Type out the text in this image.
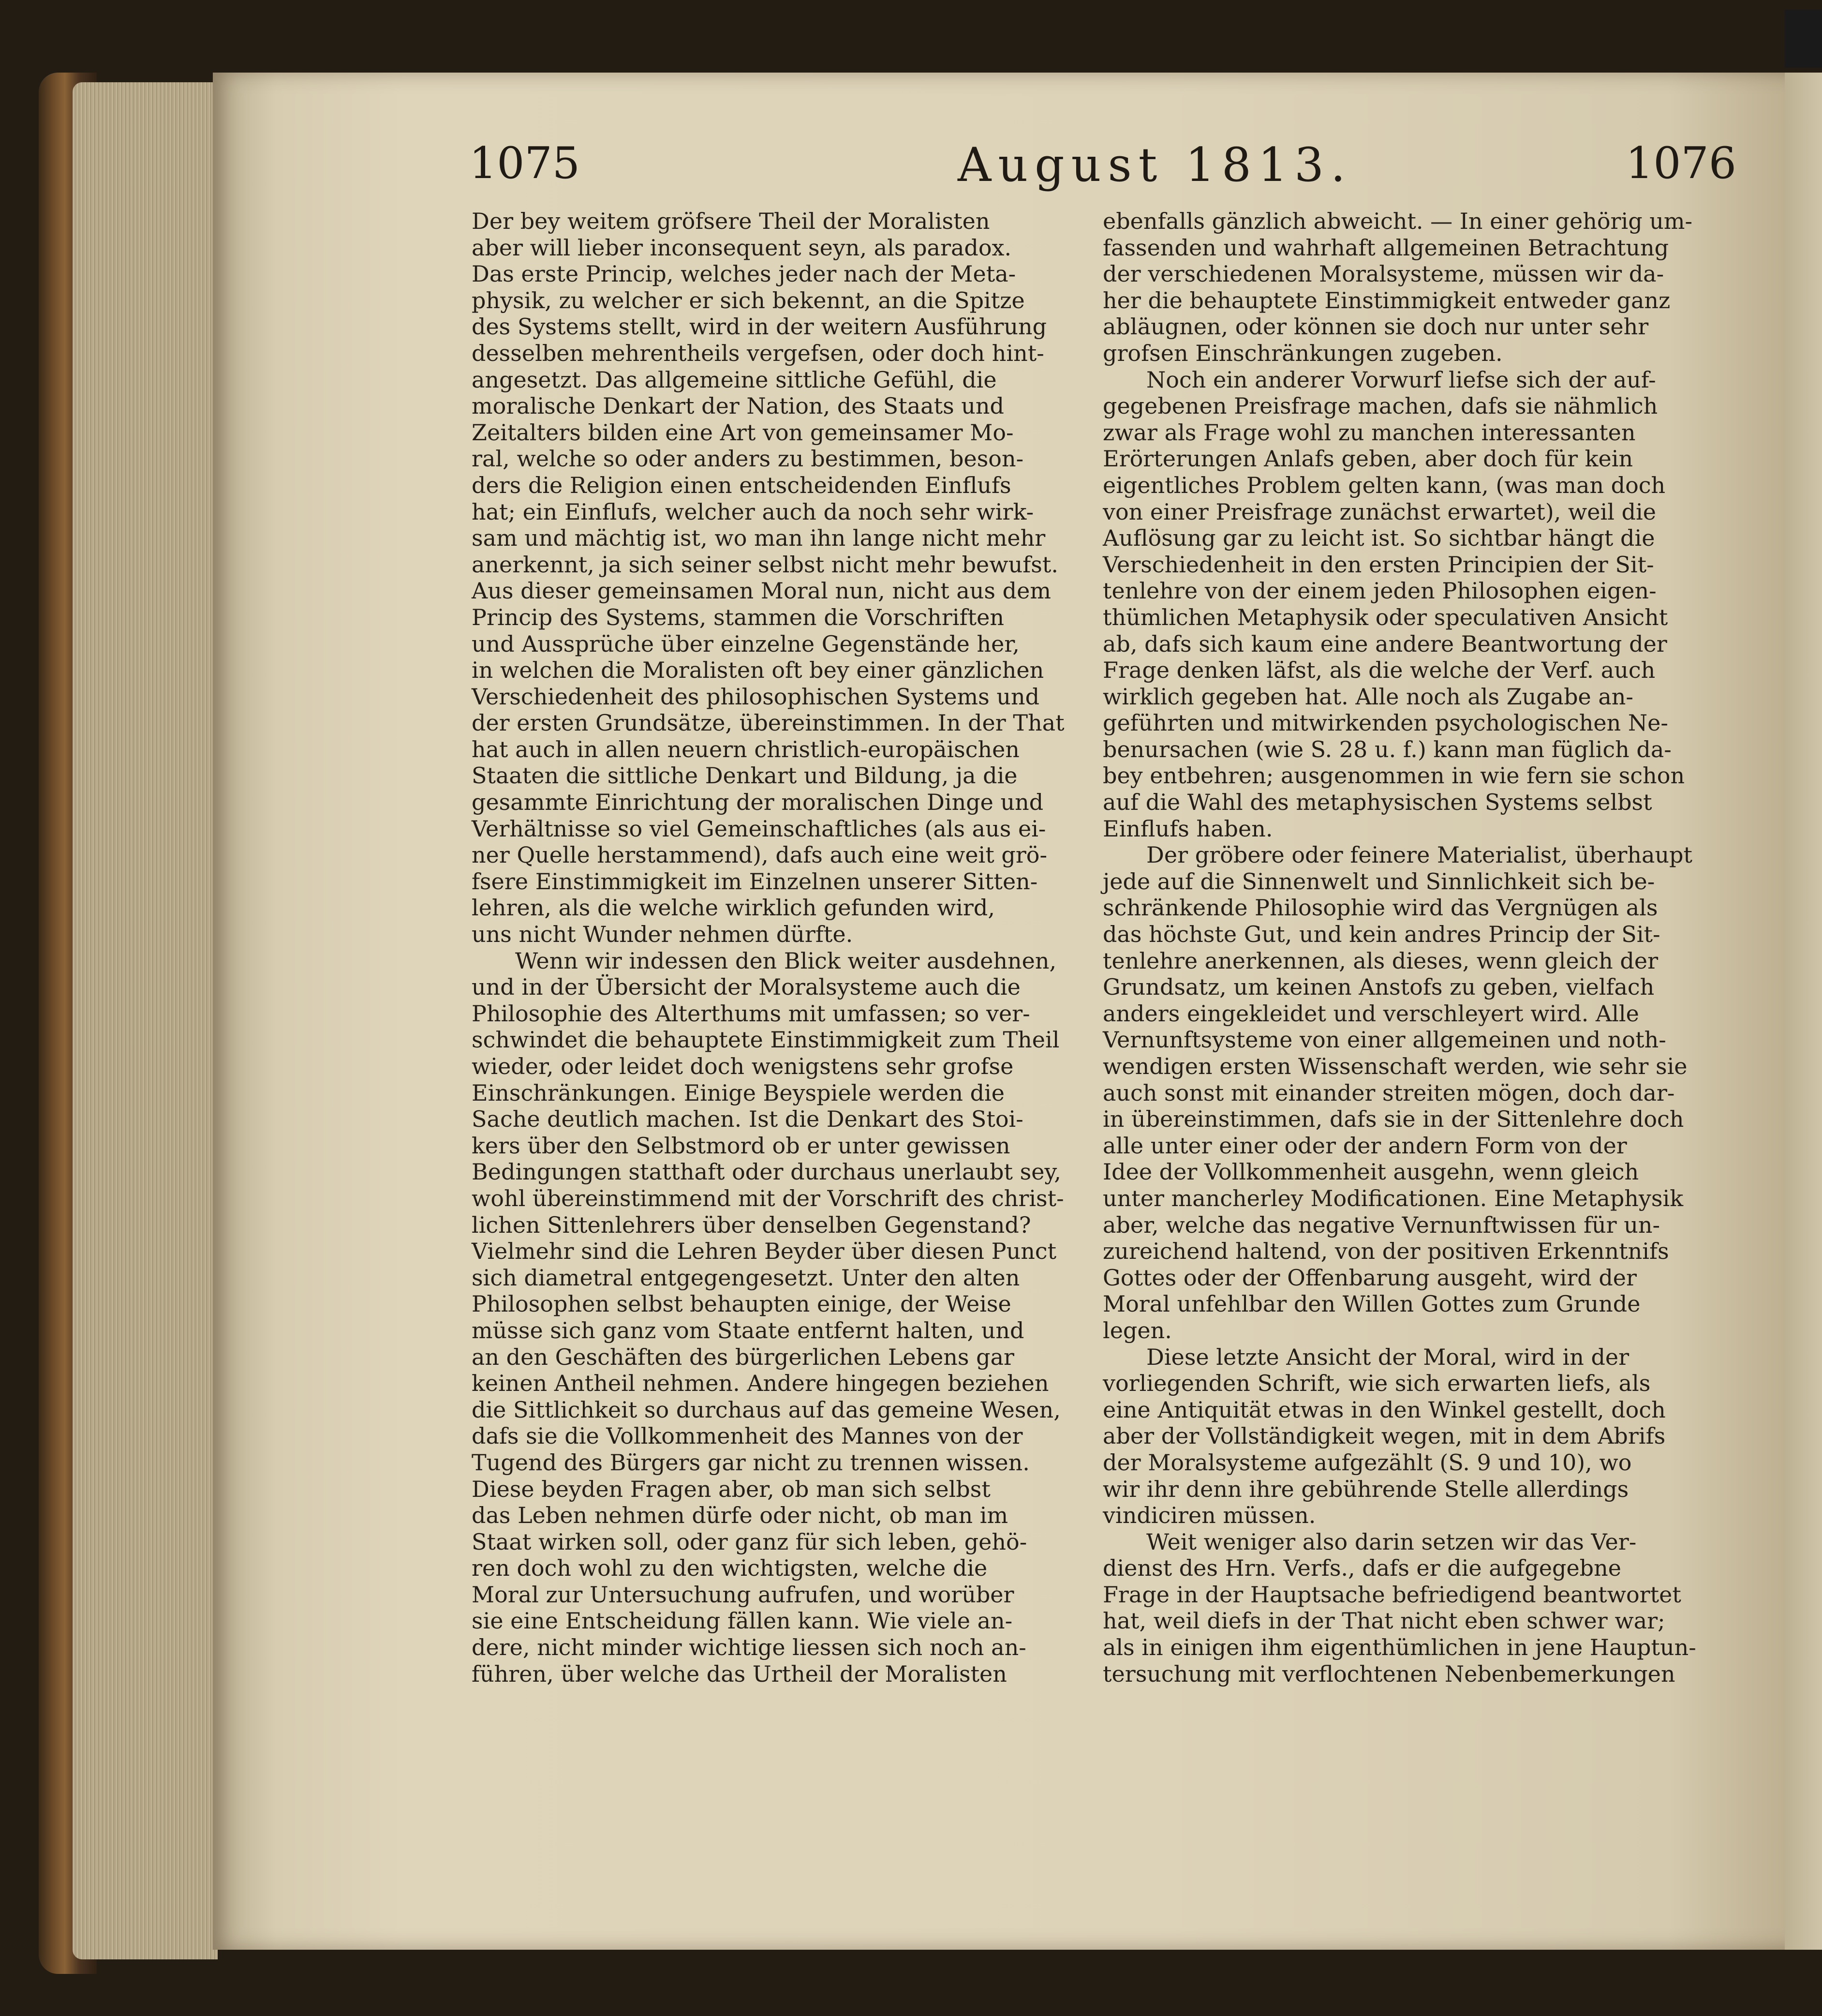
1075	August 1813.	1076
Der bey weitem gröfsere Theil der Moralisten
aber will lieber inconsequent seyn, als paradox.
Das erste Princip, welches jeder nach der Meta-
physik, zu welcher er sich bekennt, an die Spitze
des Systems stellt, wird in der weitern Ausführung
desselben mehrentheils vergefsen, oder doch hint-
angesetzt. Das allgemeine sittliche Gefühl, die
moralische Denkart der Nation, des Staats und
Zeitalters bilden eine Art von gemeinsamer Mo-
ral, welche so oder anders zu bestimmen, beson-
ders die Religion einen entscheidenden Einflufs
hat; ein Einflufs, welcher auch da noch sehr wirk-
sam und mächtig ist, wo man ihn lange nicht mehr
anerkennt, ja sich seiner selbst nicht mehr bewufst.
Aus dieser gemeinsamen Moral nun, nicht aus dem
Princip des Systems, stammen die Vorschriften
und Aussprüche über einzelne Gegenstände her,
in welchen die Moralisten oft bey einer gänzlichen
Verschiedenheit des philosophischen Systems und
der ersten Grundsätze, übereinstimmen. In der That
hat auch in allen neuern christlich-europäischen
Staaten die sittliche Denkart und Bildung, ja die
gesammte Einrichtung der moralischen Dinge und
Verhältnisse so viel Gemeinschaftliches (als aus ei-
ner Quelle herstammend), dafs auch eine weit grö-
fsere Einstimmigkeit im Einzelnen unserer Sitten-
lehren, als die welche wirklich gefunden wird,
uns nicht Wunder nehmen dürfte.
Wenn wir indessen den Blick weiter ausdehnen,
und in der Übersicht der Moralsysteme auch die
Philosophie des Alterthums mit umfassen; so ver-
schwindet die behauptete Einstimmigkeit zum Theil
wieder, oder leidet doch wenigstens sehr grofse
Einschränkungen. Einige Beyspiele werden die
Sache deutlich machen. Ist die Denkart des Stoi-
kers über den Selbstmord ob er unter gewissen
Bedingungen statthaft oder durchaus unerlaubt sey,
wohl übereinstimmend mit der Vorschrift des christ-
lichen Sittenlehrers über denselben Gegenstand?
Vielmehr sind die Lehren Beyder über diesen Punct
sich diametral entgegengesetzt. Unter den alten
Philosophen selbst behaupten einige, der Weise
müsse sich ganz vom Staate entfernt halten, und
an den Geschäften des bürgerlichen Lebens gar
keinen Antheil nehmen. Andere hingegen beziehen
die Sittlichkeit so durchaus auf das gemeine Wesen,
dafs sie die Vollkommenheit des Mannes von der
Tugend des Bürgers gar nicht zu trennen wissen.
Diese beyden Fragen aber, ob man sich selbst
das Leben nehmen dürfe oder nicht, ob man im
Staat wirken soll, oder ganz für sich leben, gehö-
ren doch wohl zu den wichtigsten, welche die
Moral zur Untersuchung aufrufen, und worüber
sie eine Entscheidung fällen kann. Wie viele an-
dere, nicht minder wichtige liessen sich noch an-
führen, über welche das Urtheil der Moralisten
ebenfalls gänzlich abweicht. — In einer gehörig um-
fassenden und wahrhaft allgemeinen Betrachtung
der verschiedenen Moralsysteme, müssen wir da-
her die behauptete Einstimmigkeit entweder ganz
abläugnen, oder können sie doch nur unter sehr
grofsen Einschränkungen zugeben.
Noch ein anderer Vorwurf liefse sich der auf-
gegebenen Preisfrage machen, dafs sie nähmlich
zwar als Frage wohl zu manchen interessanten
Erörterungen Anlafs geben, aber doch für kein
eigentliches Problem gelten kann, (was man doch
von einer Preisfrage zunächst erwartet), weil die
Auflösung gar zu leicht ist. So sichtbar hängt die
Verschiedenheit in den ersten Principien der Sit-
tenlehre von der einem jeden Philosophen eigen-
thümlichen Metaphysik oder speculativen Ansicht
ab, dafs sich kaum eine andere Beantwortung der
Frage denken läfst, als die welche der Verf. auch
wirklich gegeben hat. Alle noch als Zugabe an-
geführten und mitwirkenden psychologischen Ne-
benursachen (wie S. 28 u. f.) kann man füglich da-
bey entbehren; ausgenommen in wie fern sie schon
auf die Wahl des metaphysischen Systems selbst
Einflufs haben.
Der gröbere oder feinere Materialist, überhaupt
jede auf die Sinnenwelt und Sinnlichkeit sich be-
schränkende Philosophie wird das Vergnügen als
das höchste Gut, und kein andres Princip der Sit-
tenlehre anerkennen, als dieses, wenn gleich der
Grundsatz, um keinen Anstofs zu geben, vielfach
anders eingekleidet und verschleyert wird. Alle
Vernunftsysteme von einer allgemeinen und noth-
wendigen ersten Wissenschaft werden, wie sehr sie
auch sonst mit einander streiten mögen, doch dar-
in übereinstimmen, dafs sie in der Sittenlehre doch
alle unter einer oder der andern Form von der
Idee der Vollkommenheit ausgehn, wenn gleich
unter mancherley Modificationen. Eine Metaphysik
aber, welche das negative Vernunftwissen für un-
zureichend haltend, von der positiven Erkenntnifs
Gottes oder der Offenbarung ausgeht, wird der
Moral unfehlbar den Willen Gottes zum Grunde
legen.
Diese letzte Ansicht der Moral, wird in der
vorliegenden Schrift, wie sich erwarten liefs, als
eine Antiquität etwas in den Winkel gestellt, doch
aber der Vollständigkeit wegen, mit in dem Abrifs
der Moralsysteme aufgezählt (S. 9 und 10), wo
wir ihr denn ihre gebührende Stelle allerdings
vindiciren müssen.
Weit weniger also darin setzen wir das Ver-
dienst des Hrn. Verfs., dafs er die aufgegebne
Frage in der Hauptsache befriedigend beantwortet
hat, weil diefs in der That nicht eben schwer war;
als in einigen ihm eigenthümlichen in jene Hauptun-
tersuchung mit verflochtenen Nebenbemerkungen
